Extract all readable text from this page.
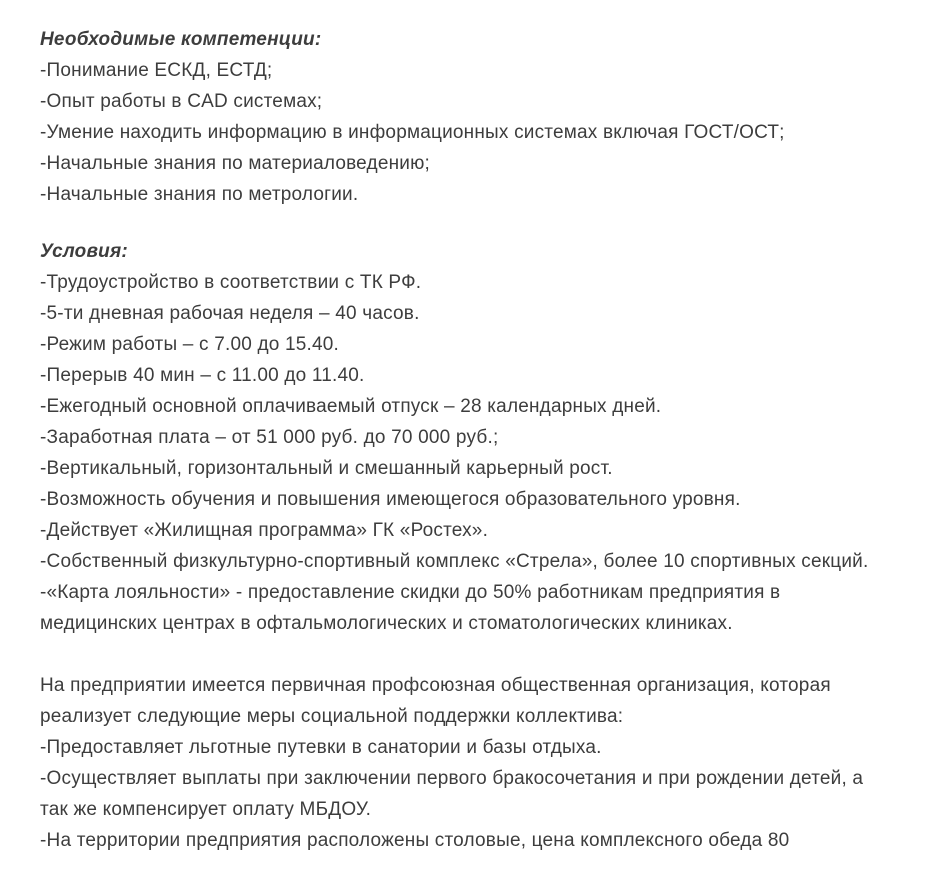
Необходимые компетенции:

-Понимание ЕСКД, ЕСТД;

-Опыт работы в CAD системах;

-Умение находить информацию в информационных системах включая ГОСТ/ОСТ;

-Начальные знания по материаловедению;

-Начальные знания по метрологии.

Условия:

-Трудоустройство в соответствии с ТК РФ.

-5-ти дневная рабочая неделя – 40 часов.

-Режим работы – с 7.00 до 15.40.

-Перерыв 40 мин – с 11.00 до 11.40.

-Ежегодный основной оплачиваемый отпуск – 28 календарных дней.

-Заработная плата – от 51 000 руб. до 70 000 руб.;

-Вертикальный, горизонтальный и смешанный карьерный рост.

-Возможность обучения и повышения имеющегося образовательного уровня.

-Действует «Жилищная программа» ГК «Ростех».

-Собственный физкультурно-спортивный комплекс «Стрела», более 10 спортивных секций.

-«Карта лояльности» - предоставление скидки до 50% работникам предприятия в медицинских центрах в офтальмологических и стоматологических клиниках.

На предприятии имеется первичная профсоюзная общественная организация, которая реализует следующие меры социальной поддержки коллектива:

-Предоставляет льготные путевки в санатории и базы отдыха.

-Осуществляет выплаты при заключении первого бракосочетания и при рождении детей, а так же компенсирует оплату МБДОУ.

-На территории предприятия расположены столовые, цена комплексного обеда 80
